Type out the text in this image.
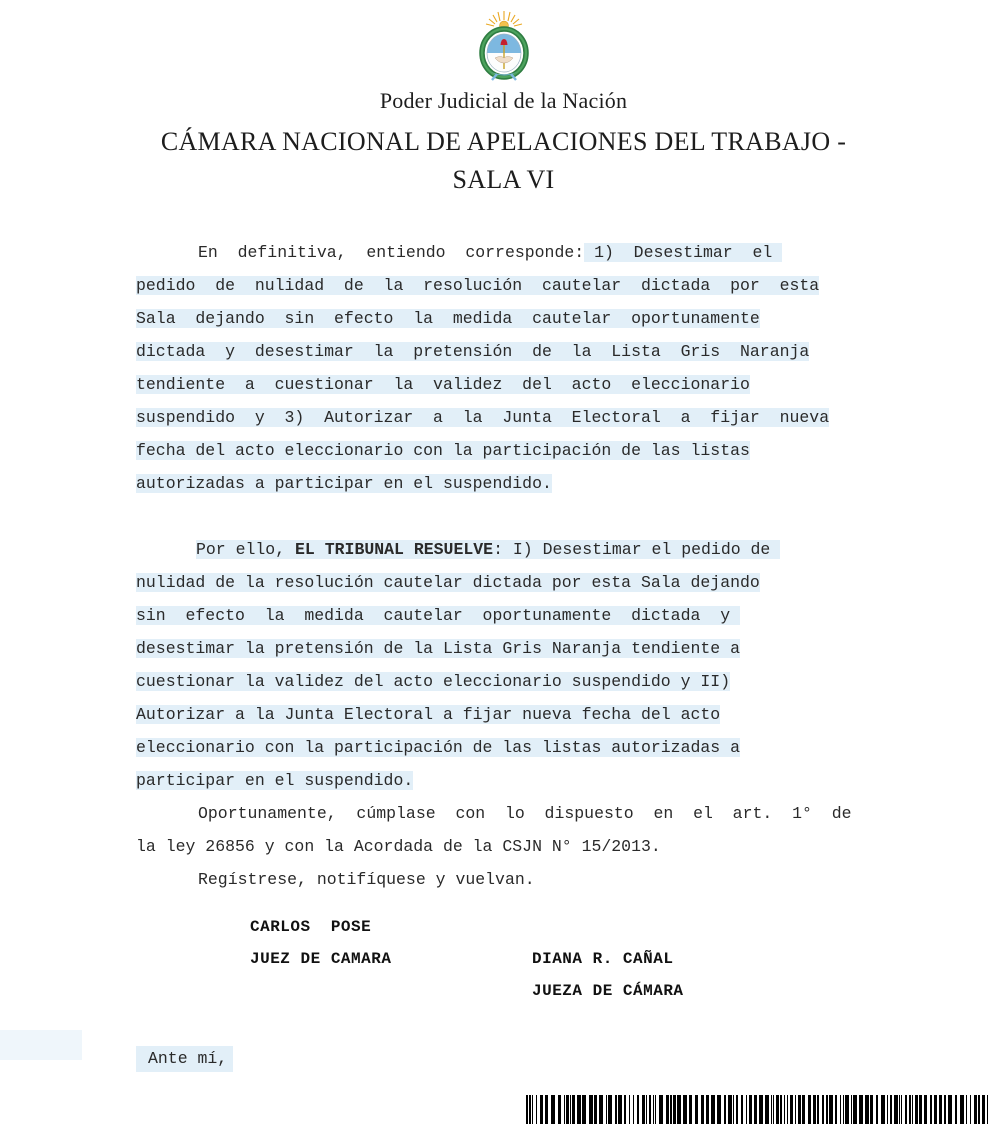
Poder Judicial de la Nación
CÁMARA NACIONAL DE APELACIONES DEL TRABAJO -
SALA VI
En  definitiva,  entiendo  corresponde: 1)  Desestimar  el
pedido  de  nulidad  de  la  resolución  cautelar  dictada  por  esta
Sala  dejando  sin  efecto  la  medida  cautelar  oportunamente
dictada  y  desestimar  la  pretensión  de  la  Lista  Gris  Naranja
tendiente  a  cuestionar  la  validez  del  acto  eleccionario
suspendido  y  3)  Autorizar  a  la  Junta  Electoral  a  fijar  nueva
fecha del acto eleccionario con la participación de las listas
autorizadas a participar en el suspendido.
Por ello, EL TRIBUNAL RESUELVE: I) Desestimar el pedido de
nulidad de la resolución cautelar dictada por esta Sala dejando
sin  efecto  la  medida  cautelar  oportunamente  dictada  y
desestimar la pretensión de la Lista Gris Naranja tendiente a
cuestionar la validez del acto eleccionario suspendido y II)
Autorizar a la Junta Electoral a fijar nueva fecha del acto
eleccionario con la participación de las listas autorizadas a
participar en el suspendido.
Oportunamente,  cúmplase  con  lo  dispuesto  en  el  art.  1°  de
la ley 26856 y con la Acordada de la CSJN N° 15/2013.
Regístrese, notifíquese y vuelvan.
CARLOS  POSE
JUEZ DE CAMARA	DIANA R. CAÑAL
JUEZA DE CÁMARA
Ante mí,
